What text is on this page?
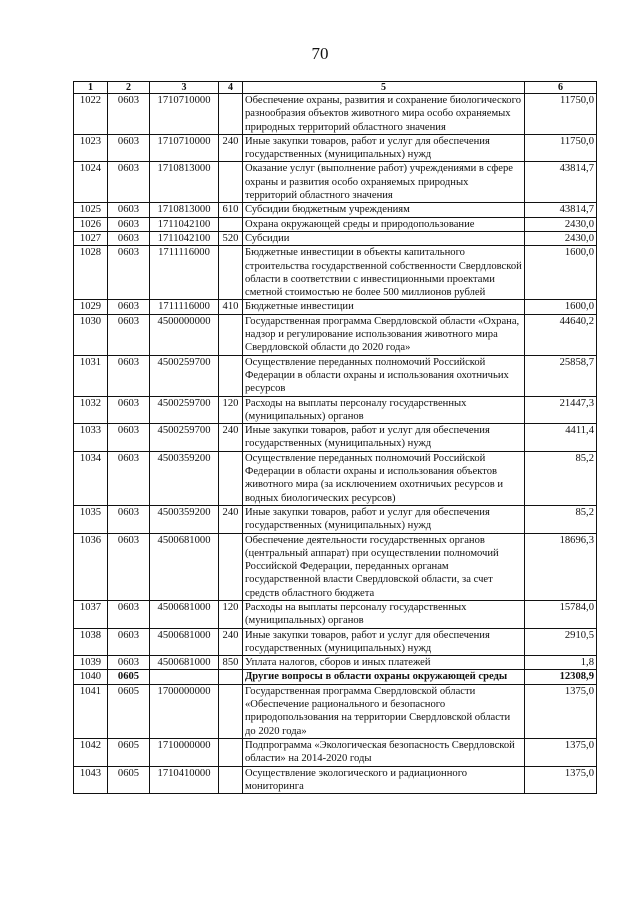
70
1	2	3	4	5	6
1022	0603	1710710000		Обеспечение охраны, развития и сохранение биологического разнообразия объектов животного мира особо охраняемых природных территорий областного значения	11750,0
1023	0603	1710710000	240	Иные закупки товаров, работ и услуг для обеспечения государственных (муниципальных) нужд	11750,0
1024	0603	1710813000		Оказание услуг (выполнение работ) учреждениями в сфере охраны и развития особо охраняемых природных территорий областного значения	43814,7
1025	0603	1710813000	610	Субсидии бюджетным учреждениям	43814,7
1026	0603	1711042100		Охрана окружающей среды и природопользование	2430,0
1027	0603	1711042100	520	Субсидии	2430,0
1028	0603	1711116000		Бюджетные инвестиции в объекты капитального строительства государственной собственности Свердловской области в соответствии с инвестиционными проектами сметной стоимостью не более 500 миллионов рублей	1600,0
1029	0603	1711116000	410	Бюджетные инвестиции	1600,0
1030	0603	4500000000		Государственная программа Свердловской области «Охрана, надзор и регулирование использования животного мира Свердловской области до 2020 года»	44640,2
1031	0603	4500259700		Осуществление переданных полномочий Российской Федерации в области охраны и использования охотничьих ресурсов	25858,7
1032	0603	4500259700	120	Расходы на выплаты персоналу государственных (муниципальных) органов	21447,3
1033	0603	4500259700	240	Иные закупки товаров, работ и услуг для обеспечения государственных (муниципальных) нужд	4411,4
1034	0603	4500359200		Осуществление переданных полномочий Российской Федерации в области охраны и использования объектов животного мира (за исключением охотничьих ресурсов и водных биологических ресурсов)	85,2
1035	0603	4500359200	240	Иные закупки товаров, работ и услуг для обеспечения государственных (муниципальных) нужд	85,2
1036	0603	4500681000		Обеспечение деятельности государственных органов (центральный аппарат) при осуществлении полномочий Российской Федерации, переданных органам государственной власти Свердловской области, за счет средств областного бюджета	18696,3
1037	0603	4500681000	120	Расходы на выплаты персоналу государственных (муниципальных) органов	15784,0
1038	0603	4500681000	240	Иные закупки товаров, работ и услуг для обеспечения государственных (муниципальных) нужд	2910,5
1039	0603	4500681000	850	Уплата налогов, сборов и иных платежей	1,8
1040	0605			Другие вопросы в области охраны окружающей среды	12308,9
1041	0605	1700000000		Государственная программа Свердловской области «Обеспечение рационального и безопасного природопользования на территории Свердловской области до 2020 года»	1375,0
1042	0605	1710000000		Подпрограмма «Экологическая безопасность Свердловской области» на 2014-2020 годы	1375,0
1043	0605	1710410000		Осуществление экологического и радиационного мониторинга	1375,0
